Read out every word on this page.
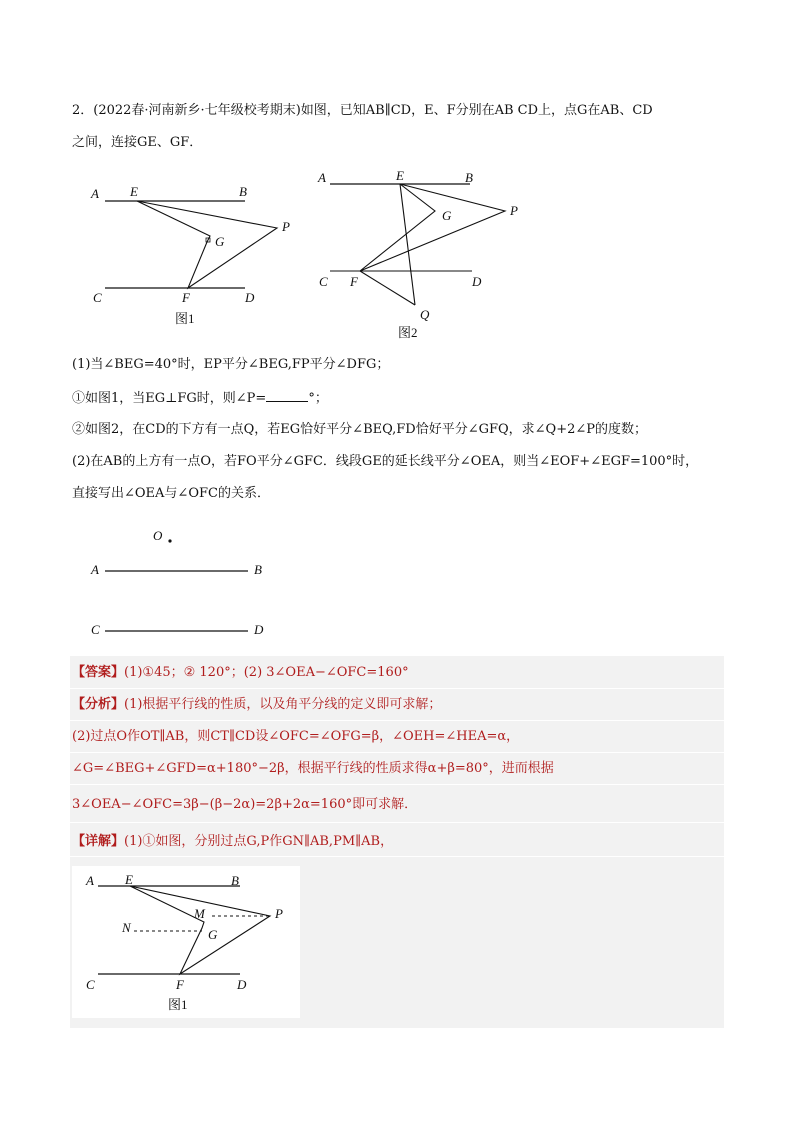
2．(2022春·河南新乡·七年级校考期末)如图，已知AB∥CD，E、F分别在AB CD上，点G在AB、CD
之间，连接GE、GF．
A E	B
P
G
C	F	D
图1
A	E	B
G	P
C F	D
Q
图2
(1)当∠BEG=40°时，EP平分∠BEG,FP平分∠DFG；
①如图1，当EG⊥FG时，则∠P=	°；
②如图2，在CD的下方有一点Q，若EG恰好平分∠BEQ,FD恰好平分∠GFQ，求∠Q+2∠P的度数；
(2)在AB的上方有一点O，若FO平分∠GFC．线段GE的延长线平分∠OEA，则当∠EOF+∠EGF=100°时，
直接写出∠OEA与∠OFC的关系．
O
A	B
C	D
【答案】(1)①45；② 120°；(2) 3∠OEA−∠OFC=160°
【分析】(1)根据平行线的性质，以及角平分线的定义即可求解；
(2)过点O作OT∥AB，则CT∥CD设∠OFC=∠OFG=β，∠OEH=∠HEA=α，
∠G=∠BEG+∠GFD=α+180°−2β，根据平行线的性质求得α+β=80°，进而根据
3∠OEA−∠OFC=3β−(β−2α)=2β+2α=160°即可求解．
【详解】(1)①如图，分别过点G,P作GN∥AB,PM∥AB，
A E	B
M	P
N	G
C	F	D
图1
